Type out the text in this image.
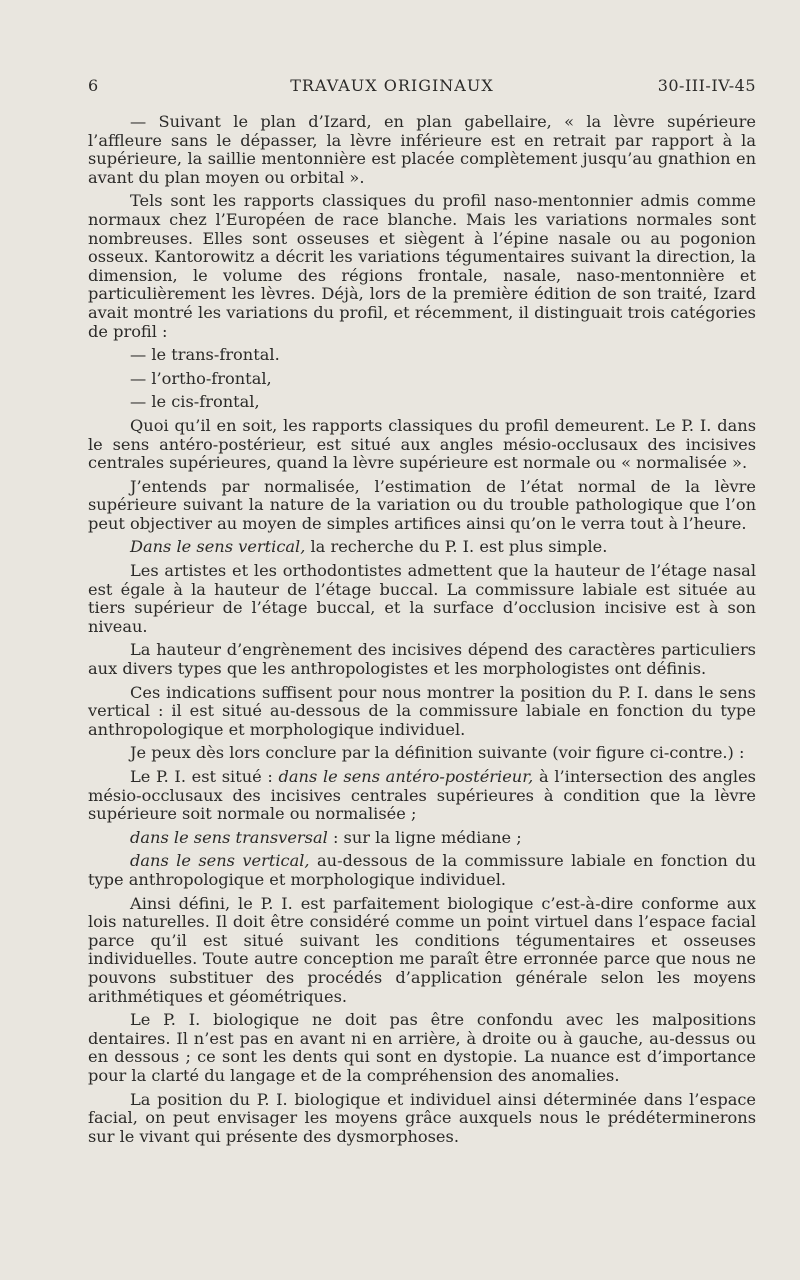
6	TRAVAUX ORIGINAUX	30-III-IV-45

— Suivant le plan d’Izard, en plan gabellaire, « la lèvre supérieure l’affleure sans le dépasser, la lèvre inférieure est en retrait par rapport à la supérieure, la saillie mentonnière est placée complètement jusqu’au gnathion en avant du plan moyen ou orbital ».

Tels sont les rapports classiques du profil naso-mentonnier admis comme normaux chez l’Européen de race blanche. Mais les variations normales sont nombreuses. Elles sont osseuses et siègent à l’épine nasale ou au pogonion osseux. Kantorowitz a décrit les variations tégumentaires suivant la direction, la dimension, le volume des régions frontale, nasale, naso-mentonnière et particulièrement les lèvres. Déjà, lors de la première édition de son traité, Izard avait montré les variations du profil, et récemment, il distinguait trois catégories de profil :

— le trans-frontal.

— l’ortho-frontal,

— le cis-frontal,

Quoi qu’il en soit, les rapports classiques du profil demeurent. Le P. I. dans le sens antéro-postérieur, est situé aux angles mésio-occlusaux des incisives centrales supérieures, quand la lèvre supérieure est normale ou « normalisée ».

J’entends par normalisée, l’estimation de l’état normal de la lèvre supérieure suivant la nature de la variation ou du trouble pathologique que l’on peut objectiver au moyen de simples artifices ainsi qu’on le verra tout à l’heure.

Dans le sens vertical, la recherche du P. I. est plus simple.

Les artistes et les orthodontistes admettent que la hauteur de l’étage nasal est égale à la hauteur de l’étage buccal. La commissure labiale est située au tiers supérieur de l’étage buccal, et la surface d’occlusion incisive est à son niveau.

La hauteur d’engrènement des incisives dépend des caractères particuliers aux divers types que les anthropologistes et les morphologistes ont définis.

Ces indications suffisent pour nous montrer la position du P. I. dans le sens vertical : il est situé au-dessous de la commissure labiale en fonction du type anthropologique et morphologique individuel.

Je peux dès lors conclure par la définition suivante (voir figure ci-contre.) :

Le P. I. est situé : dans le sens antéro-postérieur, à l’intersection des angles mésio-occlusaux des incisives centrales supérieures à condition que la lèvre supérieure soit normale ou normalisée ;

dans le sens transversal : sur la ligne médiane ;

dans le sens vertical, au-dessous de la commissure labiale en fonction du type anthropologique et morphologique individuel.

Ainsi défini, le P. I. est parfaitement biologique c’est-à-dire conforme aux lois naturelles. Il doit être considéré comme un point virtuel dans l’espace facial parce qu’il est situé suivant les conditions tégumentaires et osseuses individuelles. Toute autre conception me paraît être erronnée parce que nous ne pouvons substituer des procédés d’application générale selon les moyens arithmétiques et géométriques.

Le P. I. biologique ne doit pas être confondu avec les malpositions dentaires. Il n’est pas en avant ni en arrière, à droite ou à gauche, au-dessus ou en dessous ; ce sont les dents qui sont en dystopie. La nuance est d’importance pour la clarté du langage et de la compréhension des anomalies.

La position du P. I. biologique et individuel ainsi déterminée dans l’espace facial, on peut envisager les moyens grâce auxquels nous le prédéterminerons sur le vivant qui présente des dysmorphoses.
